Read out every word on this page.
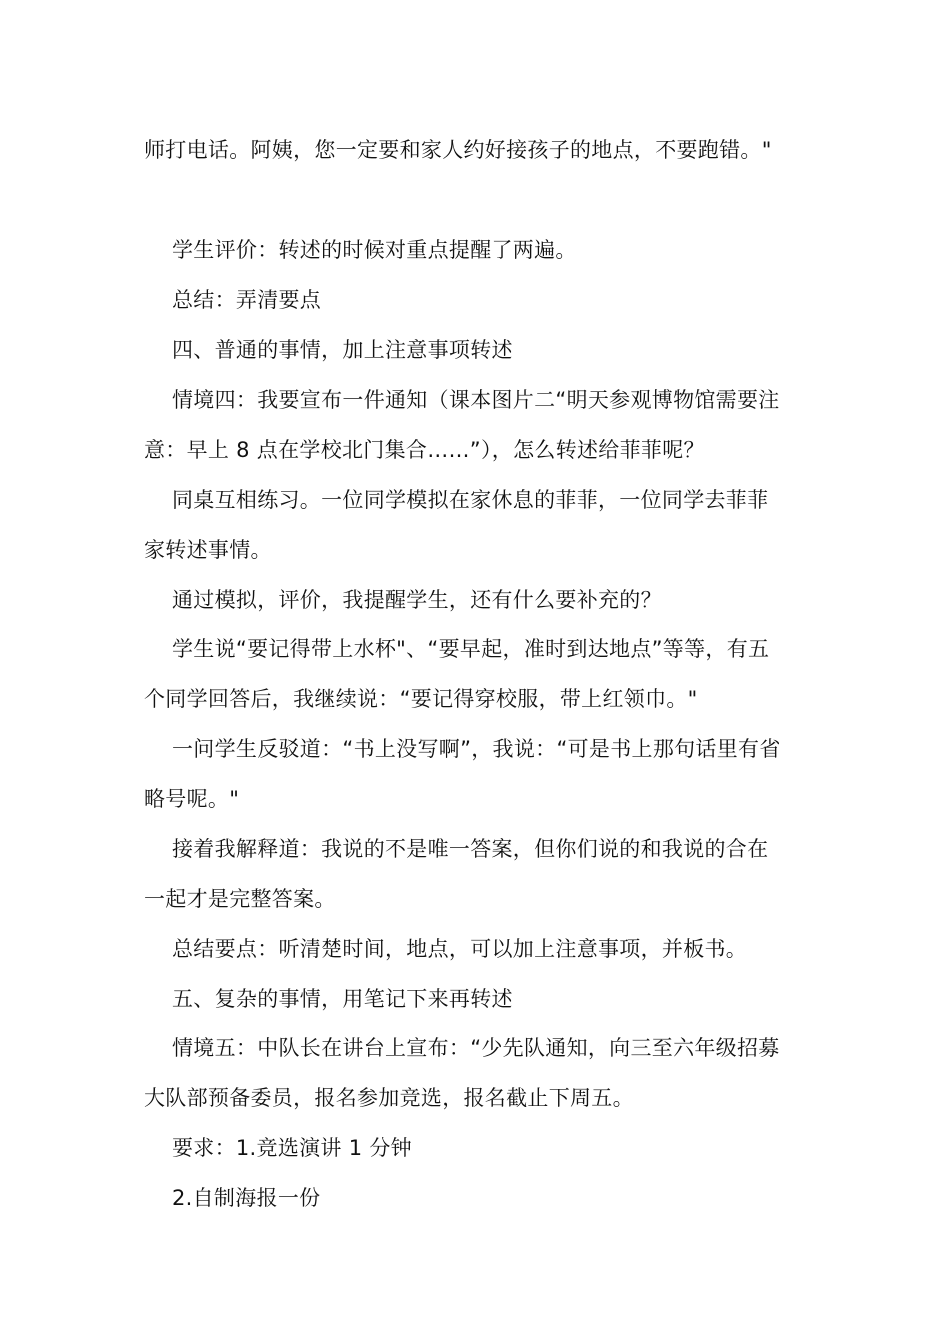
师打电话。阿姨，您一定要和家人约好接孩子的地点，不要跑错。"
学生评价：转述的时候对重点提醒了两遍。
总结：弄清要点
四、普通的事情，加上注意事项转述
情境四：我要宣布一件通知（课本图片二“明天参观博物馆需要注
意：早上 8 点在学校北门集合……”），怎么转述给菲菲呢？
同桌互相练习。一位同学模拟在家休息的菲菲，一位同学去菲菲
家转述事情。
通过模拟，评价，我提醒学生，还有什么要补充的？
学生说“要记得带上水杯"、“要早起，准时到达地点”等等，有五
个同学回答后，我继续说：“要记得穿校服，带上红领巾。"
一问学生反驳道：“书上没写啊”，我说：“可是书上那句话里有省
略号呢。"
接着我解释道：我说的不是唯一答案，但你们说的和我说的合在
一起才是完整答案。
总结要点：听清楚时间，地点，可以加上注意事项，并板书。
五、复杂的事情，用笔记下来再转述
情境五：中队长在讲台上宣布：“少先队通知，向三至六年级招募
大队部预备委员，报名参加竞选，报名截止下周五。
要求：1.竞选演讲 1 分钟
2.自制海报一份
